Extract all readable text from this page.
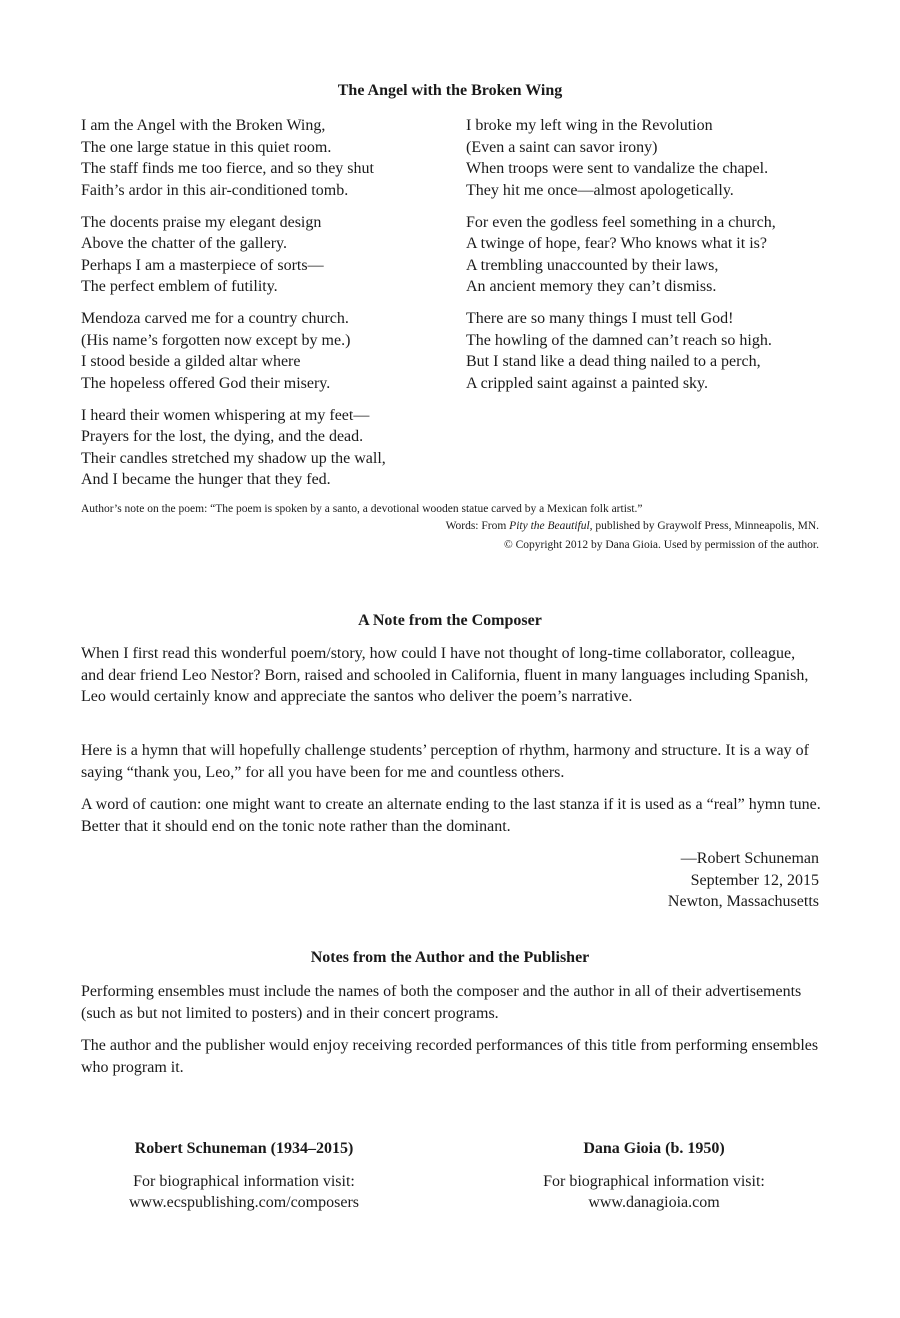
The Angel with the Broken Wing
I am the Angel with the Broken Wing,
The one large statue in this quiet room.
The staff finds me too fierce, and so they shut
Faith’s ardor in this air-conditioned tomb.
The docents praise my elegant design
Above the chatter of the gallery.
Perhaps I am a masterpiece of sorts—
The perfect emblem of futility.
Mendoza carved me for a country church.
(His name’s forgotten now except by me.)
I stood beside a gilded altar where
The hopeless offered God their misery.
I heard their women whispering at my feet—
Prayers for the lost, the dying, and the dead.
Their candles stretched my shadow up the wall,
And I became the hunger that they fed.
I broke my left wing in the Revolution
(Even a saint can savor irony)
When troops were sent to vandalize the chapel.
They hit me once—almost apologetically.
For even the godless feel something in a church,
A twinge of hope, fear? Who knows what it is?
A trembling unaccounted by their laws,
An ancient memory they can’t dismiss.
There are so many things I must tell God!
The howling of the damned can’t reach so high.
But I stand like a dead thing nailed to a perch,
A crippled saint against a painted sky.
Author’s note on the poem: “The poem is spoken by a santo, a devotional wooden statue carved by a Mexican folk artist.”
Words: From Pity the Beautiful, published by Graywolf Press, Minneapolis, MN.
© Copyright 2012 by Dana Gioia. Used by permission of the author.
A Note from the Composer

When I first read this wonderful poem/story, how could I have not thought of long-time collaborator, colleague, and dear friend Leo Nestor? Born, raised and schooled in California, fluent in many languages including Spanish, Leo would certainly know and appreciate the santos who deliver the poem’s narrative.

Here is a hymn that will hopefully challenge students’ perception of rhythm, harmony and structure. It is a way of saying “thank you, Leo,” for all you have been for me and countless others.

A word of caution: one might want to create an alternate ending to the last stanza if it is used as a “real” hymn tune. Better that it should end on the tonic note rather than the dominant.

—Robert Schuneman
September 12, 2015
Newton, Massachusetts
Notes from the Author and the Publisher

Performing ensembles must include the names of both the composer and the author in all of their advertisements (such as but not limited to posters) and in their concert programs.

The author and the publisher would enjoy receiving recorded performances of this title from performing ensembles who program it.

Robert Schuneman (1934–2015)
For biographical information visit:
www.ecspublishing.com/composers
Dana Gioia (b. 1950)
For biographical information visit:
www.danagioia.com
